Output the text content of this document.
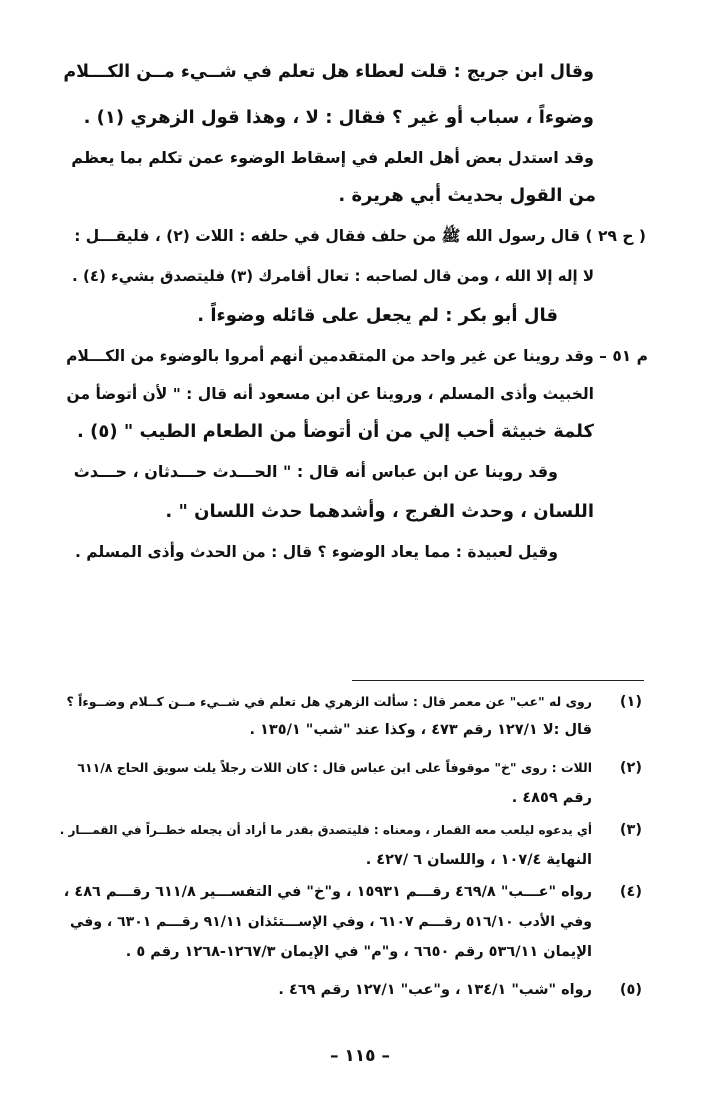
وقال ابن جريج : قلت لعطاء هل تعلم في شــيء مــن الكـــلام
وضوءاً ، سباب أو غير ؟ فقال : لا ، وهذا قول الزهري (١) .
وقد استدل بعض أهل العلم في إسقاط الوضوء عمن تكلم بما يعظم
من القول بحديث أبي هريرة .
( ح ٢٩ ) قال رسول الله ﷺ من حلف فقال في حلفه : اللات (٢) ، فليقـــل :
لا إله إلا الله ، ومن قال لصاحبه : تعال أقامرك (٣) فليتصدق بشيء (٤) .
قال أبو بكر : لم يجعل على قائله وضوءاً .
م ٥١ – وقد روينا عن غير واحد من المتقدمين أنهم أمروا بالوضوء من الكـــلام
الخبيث وأذى المسلم ، وروينا عن ابن مسعود أنه قال : " لأن أتوضأ من
كلمة خبيثة أحب إلي من أن أتوضأ من الطعام الطيب " (٥) .
وقد روينا عن ابن عباس أنه قال : " الحـــدث حـــدثان ، حـــدث
اللسان ، وحدث الفرج ، وأشدهما حدث اللسان " .
وقيل لعبيدة : مما يعاد الوضوء ؟ قال : من الحدث وأذى المسلم .
(١)
روى له "عب" عن معمر قال : سألت الزهري هل تعلم في شــيء مــن كــلام وضــوءاً ؟
قال :لا ١٢٧/١ رقم ٤٧٣ ، وكذا عند "شب" ١٣٥/١ .
(٢)
اللات : روى "خ" موقوفاً على ابن عباس قال : كان اللات رجلاً يلت سويق الحاج ٦١١/٨
رقم ٤٨٥٩ .
(٣)
أي يدعوه ليلعب معه القمار ، ومعناه : فليتصدق بقدر ما أراد أن يجعله خطــراً في القمـــار .
النهاية ١٠٧/٤ ، واللسان ٦ /٤٢٧ .
(٤)
رواه "عـــب" ٤٦٩/٨ رقـــم ١٥٩٣١ ، و"خ" في التفســـير ٦١١/٨ رقـــم ٤٨٦ ،
وفي الأدب ٥١٦/١٠ رقـــم ٦١٠٧ ، وفي الإســـتئذان ٩١/١١ رقـــم ٦٣٠١ ، وفي
الإيمان ٥٣٦/١١ رقم ٦٦٥٠ ، و"م" في الإيمان ١٢٦٧/٣-١٢٦٨ رقم ٥ .
(٥)
رواه "شب" ١٣٤/١ ، و"عب" ١٢٧/١ رقم ٤٦٩ .
– ١١٥ –
